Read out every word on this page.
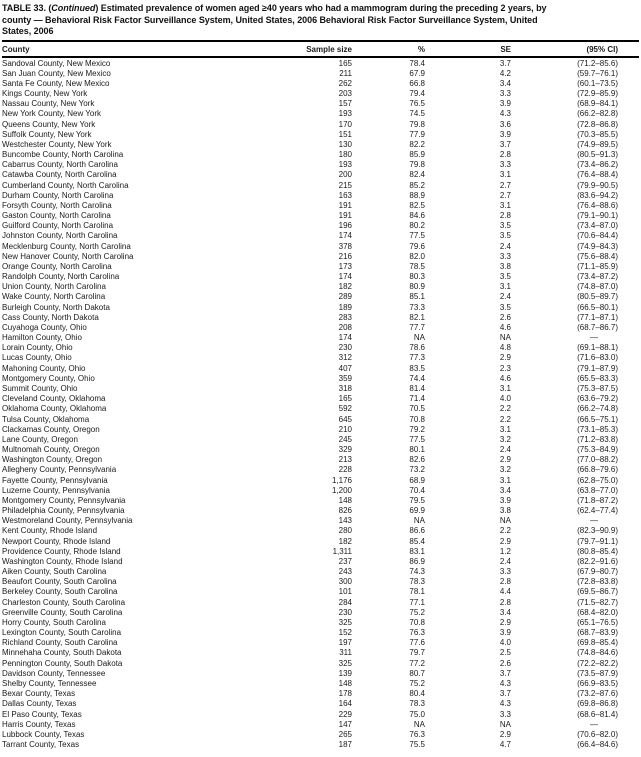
TABLE 33. (Continued) Estimated prevalence of women aged ≥40 years who had a mammogram during the preceding 2 years, by
county — Behavioral Risk Factor Surveillance System, United States, 2006 Behavioral Risk Factor Surveillance System, United
States, 2006
County	Sample size	%	SE	(95% CI)
Sandoval County, New Mexico	165	78.4	3.7	(71.2–85.6)
San Juan County, New Mexico	211	67.9	4.2	(59.7–76.1)
Santa Fe County, New Mexico	262	66.8	3.4	(60.1–73.5)
Kings County, New York	203	79.4	3.3	(72.9–85.9)
Nassau County, New York	157	76.5	3.9	(68.9–84.1)
New York County, New York	193	74.5	4.3	(66.2–82.8)
Queens County, New York	170	79.8	3.6	(72.8–86.8)
Suffolk County, New York	151	77.9	3.9	(70.3–85.5)
Westchester County, New York	130	82.2	3.7	(74.9–89.5)
Buncombe County, North Carolina	180	85.9	2.8	(80.5–91.3)
Cabarrus County, North Carolina	193	79.8	3.3	(73.4–86.2)
Catawba County, North Carolina	200	82.4	3.1	(76.4–88.4)
Cumberland County, North Carolina	215	85.2	2.7	(79.9–90.5)
Durham County, North Carolina	163	88.9	2.7	(83.6–94.2)
Forsyth County, North Carolina	191	82.5	3.1	(76.4–88.6)
Gaston County, North Carolina	191	84.6	2.8	(79.1–90.1)
Guilford County, North Carolina	196	80.2	3.5	(73.4–87.0)
Johnston County, North Carolina	174	77.5	3.5	(70.6–84.4)
Mecklenburg County, North Carolina	378	79.6	2.4	(74.9–84.3)
New Hanover County, North Carolina	216	82.0	3.3	(75.6–88.4)
Orange County, North Carolina	173	78.5	3.8	(71.1–85.9)
Randolph County, North Carolina	174	80.3	3.5	(73.4–87.2)
Union County, North Carolina	182	80.9	3.1	(74.8–87.0)
Wake County, North Carolina	289	85.1	2.4	(80.5–89.7)
Burleigh County, North Dakota	189	73.3	3.5	(66.5–80.1)
Cass County, North Dakota	283	82.1	2.6	(77.1–87.1)
Cuyahoga County, Ohio	208	77.7	4.6	(68.7–86.7)
Hamilton County, Ohio	174	NA	NA	—
Lorain County, Ohio	230	78.6	4.8	(69.1–88.1)
Lucas County, Ohio	312	77.3	2.9	(71.6–83.0)
Mahoning County, Ohio	407	83.5	2.3	(79.1–87.9)
Montgomery County, Ohio	359	74.4	4.6	(65.5–83.3)
Summit County, Ohio	318	81.4	3.1	(75.3–87.5)
Cleveland County, Oklahoma	165	71.4	4.0	(63.6–79.2)
Oklahoma County, Oklahoma	592	70.5	2.2	(66.2–74.8)
Tulsa County, Oklahoma	645	70.8	2.2	(66.5–75.1)
Clackamas County, Oregon	210	79.2	3.1	(73.1–85.3)
Lane County, Oregon	245	77.5	3.2	(71.2–83.8)
Multnomah County, Oregon	329	80.1	2.4	(75.3–84.9)
Washington County, Oregon	213	82.6	2.9	(77.0–88.2)
Allegheny County, Pennsylvania	228	73.2	3.2	(66.8–79.6)
Fayette County, Pennsylvania	1,176	68.9	3.1	(62.8–75.0)
Luzerne County, Pennsylvania	1,200	70.4	3.4	(63.8–77.0)
Montgomery County, Pennsylvania	148	79.5	3.9	(71.8–87.2)
Philadelphia County, Pennsylvania	826	69.9	3.8	(62.4–77.4)
Westmoreland County, Pennsylvania	143	NA	NA	—
Kent County, Rhode Island	280	86.6	2.2	(82.3–90.9)
Newport County, Rhode Island	182	85.4	2.9	(79.7–91.1)
Providence County, Rhode Island	1,311	83.1	1.2	(80.8–85.4)
Washington County, Rhode Island	237	86.9	2.4	(82.2–91.6)
Aiken County, South Carolina	243	74.3	3.3	(67.9–80.7)
Beaufort County, South Carolina	300	78.3	2.8	(72.8–83.8)
Berkeley County, South Carolina	101	78.1	4.4	(69.5–86.7)
Charleston County, South Carolina	284	77.1	2.8	(71.5–82.7)
Greenville County, South Carolina	230	75.2	3.4	(68.4–82.0)
Horry County, South Carolina	325	70.8	2.9	(65.1–76.5)
Lexington County, South Carolina	152	76.3	3.9	(68.7–83.9)
Richland County, South Carolina	197	77.6	4.0	(69.8–85.4)
Minnehaha County, South Dakota	311	79.7	2.5	(74.8–84.6)
Pennington County, South Dakota	325	77.2	2.6	(72.2–82.2)
Davidson County, Tennessee	139	80.7	3.7	(73.5–87.9)
Shelby County, Tennessee	148	75.2	4.3	(66.9–83.5)
Bexar County, Texas	178	80.4	3.7	(73.2–87.6)
Dallas County, Texas	164	78.3	4.3	(69.8–86.8)
El Paso County, Texas	229	75.0	3.3	(68.6–81.4)
Harris County, Texas	147	NA	NA	—
Lubbock County, Texas	265	76.3	2.9	(70.6–82.0)
Tarrant County, Texas	187	75.5	4.7	(66.4–84.6)
